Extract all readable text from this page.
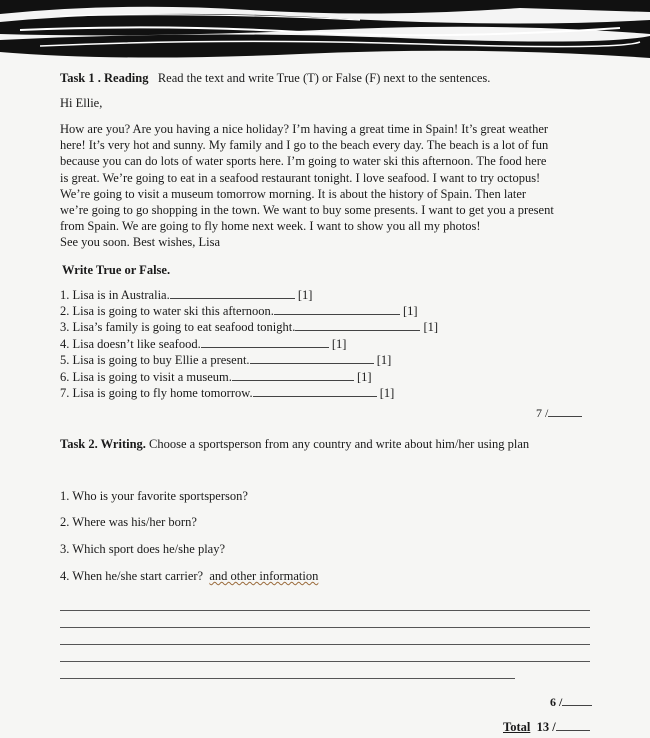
Task 1 . Reading Read the text and write True (T) or False (F) next to the sentences.
Hi Ellie,
How are you? Are you having a nice holiday? I’m having a great time in Spain! It’s great weather
here! It’s very hot and sunny. My family and I go to the beach every day. The beach is a lot of fun
because you can do lots of water sports here. I’m going to water ski this afternoon. The food here
is great. We’re going to eat in a seafood restaurant tonight. I love seafood. I want to try octopus!
We’re going to visit a museum tomorrow morning. It is about the history of Spain. Then later
we’re going to go shopping in the town. We want to buy some presents. I want to get you a present
from Spain. We are going to fly home next week. I want to show you all my photos!
See you soon. Best wishes, Lisa
Write True or False.
1. Lisa is in Australia.	[1]
2. Lisa is going to water ski this afternoon.	[1]
3. Lisa’s family is going to eat seafood tonight.	[1]
4. Lisa doesn’t like seafood.	[1]
5. Lisa is going to buy Ellie a present.	[1]
6. Lisa is going to visit a museum.	[1]
7. Lisa is going to fly home tomorrow.	[1]
7 /
Task 2. Writing. Choose a sportsperson from any country and write about him/her using plan
1. Who is your favorite sportsperson?
2. Where was his/her born?
3. Which sport does he/she play?
4. When he/she start carrier? and other information
6 /
Total 13 /
